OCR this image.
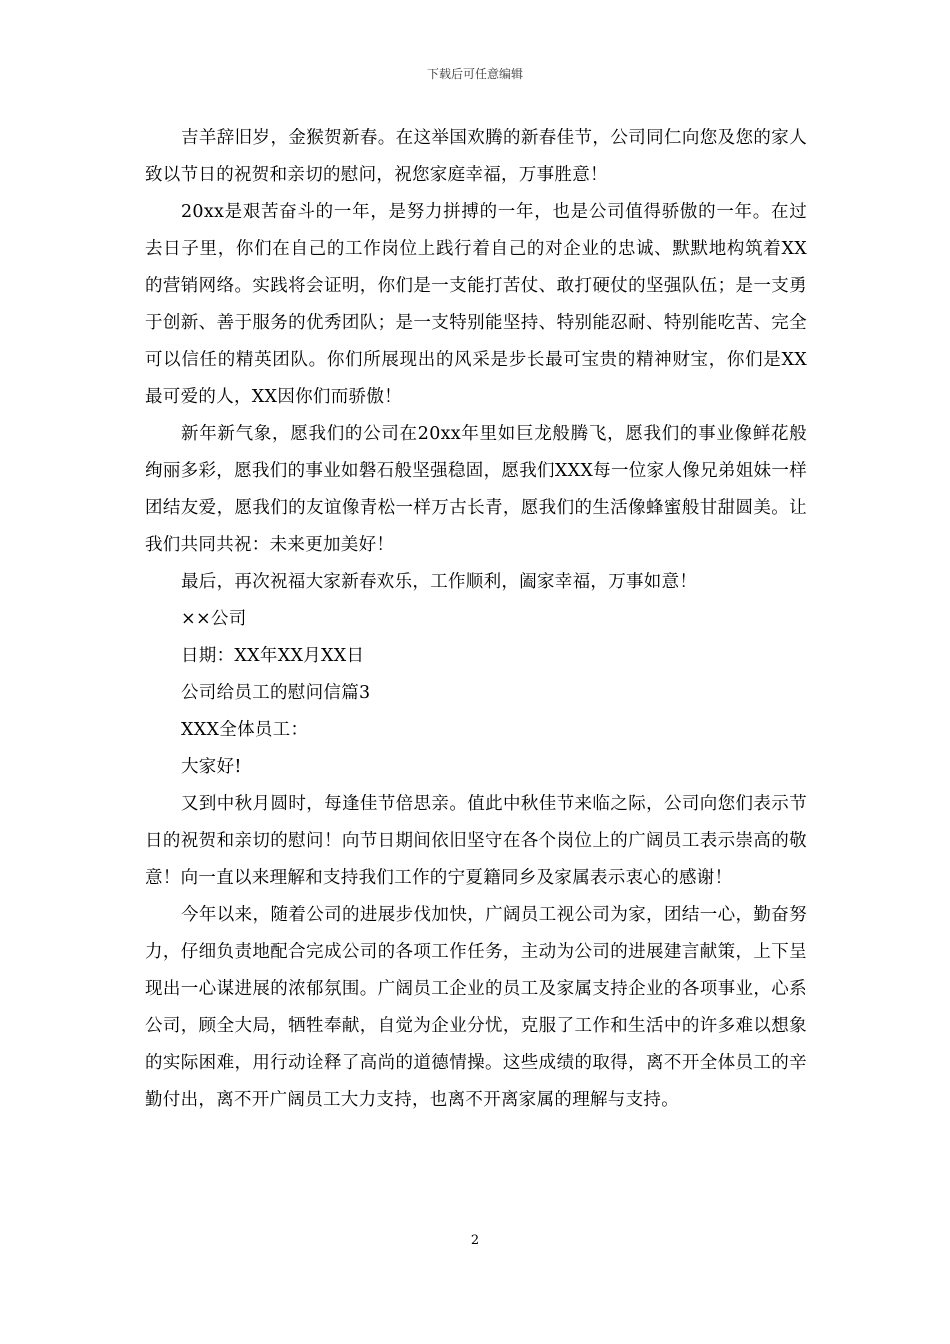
下载后可任意编辑

吉羊辞旧岁，金猴贺新春。在这举国欢腾的新春佳节，公司同仁向您及您的家人致以节日的祝贺和亲切的慰问，祝您家庭幸福，万事胜意！

20xx是艰苦奋斗的一年，是努力拼搏的一年，也是公司值得骄傲的一年。在过去日子里，你们在自己的工作岗位上践行着自己的对企业的忠诚、默默地构筑着XX的营销网络。实践将会证明，你们是一支能打苦仗、敢打硬仗的坚强队伍；是一支勇于创新、善于服务的优秀团队；是一支特别能坚持、特别能忍耐、特别能吃苦、完全可以信任的精英团队。你们所展现出的风采是步长最可宝贵的精神财宝，你们是XX最可爱的人，XX因你们而骄傲！

新年新气象，愿我们的公司在20xx年里如巨龙般腾飞，愿我们的事业像鲜花般绚丽多彩，愿我们的事业如磐石般坚强稳固，愿我们XXX每一位家人像兄弟姐妹一样团结友爱，愿我们的友谊像青松一样万古长青，愿我们的生活像蜂蜜般甘甜圆美。让我们共同共祝：未来更加美好！

最后，再次祝福大家新春欢乐，工作顺利，阖家幸福，万事如意！

××公司

日期：XX年XX月XX日

公司给员工的慰问信篇3

XXX全体员工：

大家好!

又到中秋月圆时，每逢佳节倍思亲。值此中秋佳节来临之际，公司向您们表示节日的祝贺和亲切的慰问！向节日期间依旧坚守在各个岗位上的广阔员工表示崇高的敬意！向一直以来理解和支持我们工作的宁夏籍同乡及家属表示衷心的感谢！

今年以来，随着公司的进展步伐加快，广阔员工视公司为家，团结一心，勤奋努力，仔细负责地配合完成公司的各项工作任务，主动为公司的进展建言献策，上下呈现出一心谋进展的浓郁氛围。广阔员工企业的员工及家属支持企业的各项事业，心系公司，顾全大局，牺牲奉献，自觉为企业分忧，克服了工作和生活中的许多难以想象的实际困难，用行动诠释了高尚的道德情操。这些成绩的取得，离不开全体员工的辛勤付出，离不开广阔员工大力支持，也离不开离家属的理解与支持。

2
